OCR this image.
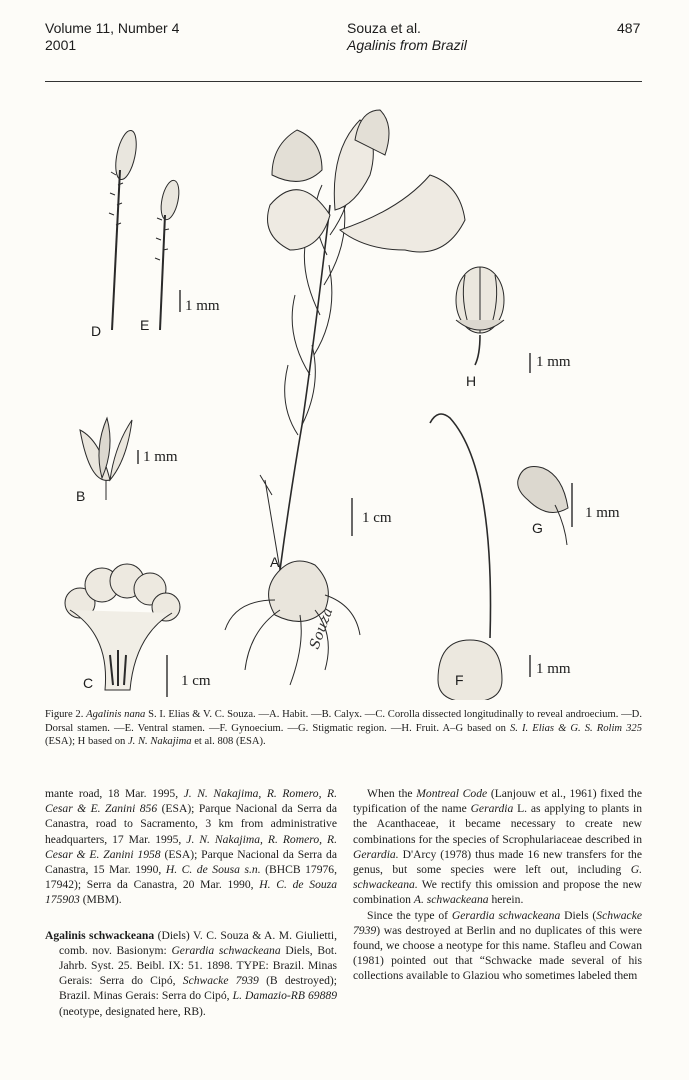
Volume 11, Number 4
2001
Souza et al.
Agalinis from Brazil
487
Souza
D	E
B
A
C
H
G
F
1 mm
1 mm
1 cm
1 cm
1 mm
1 mm
1 mm
Figure 2. Agalinis nana S. I. Elias & V. C. Souza. —A. Habit. —B. Calyx. —C. Corolla dissected longitudinally to reveal androecium. —D. Dorsal stamen. —E. Ventral stamen. —F. Gynoecium. —G. Stigmatic region. —H. Fruit. A–G based on S. I. Elias & G. S. Rolim 325 (ESA); H based on J. N. Nakajima et al. 808 (ESA).

mante road, 18 Mar. 1995, J. N. Nakajima, R. Romero, R. Cesar & E. Zanini 856 (ESA); Parque Nacional da Serra da Canastra, road to Sacramento, 3 km from administrative headquarters, 17 Mar. 1995, J. N. Nakajima, R. Romero, R. Cesar & E. Zanini 1958 (ESA); Parque Nacional da Serra da Canastra, 15 Mar. 1990, H. C. de Sousa s.n. (BHCB 17976, 17942); Serra da Canastra, 20 Mar. 1990, H. C. de Souza 175903 (MBM).

Agalinis schwackeana (Diels) V. C. Souza & A. M. Giulietti, comb. nov. Basionym: Gerardia schwackeana Diels, Bot. Jahrb. Syst. 25. Beibl. IX: 51. 1898. TYPE: Brazil. Minas Gerais: Serra do Cipó, Schwacke 7939 (B destroyed); Brazil. Minas Gerais: Serra do Cipó, L. Damazio-RB 69889 (neotype, designated here, RB).

When the Montreal Code (Lanjouw et al., 1961) fixed the typification of the name Gerardia L. as applying to plants in the Acanthaceae, it became necessary to create new combinations for the species of Scrophulariaceae described in Gerardia. D'Arcy (1978) thus made 16 new transfers for the genus, but some species were left out, including G. schwackeana. We rectify this omission and propose the new combination A. schwackeana herein.

Since the type of Gerardia schwackeana Diels (Schwacke 7939) was destroyed at Berlin and no duplicates of this were found, we choose a neotype for this name. Stafleu and Cowan (1981) pointed out that “Schwacke made several of his collections available to Glaziou who sometimes labeled them
